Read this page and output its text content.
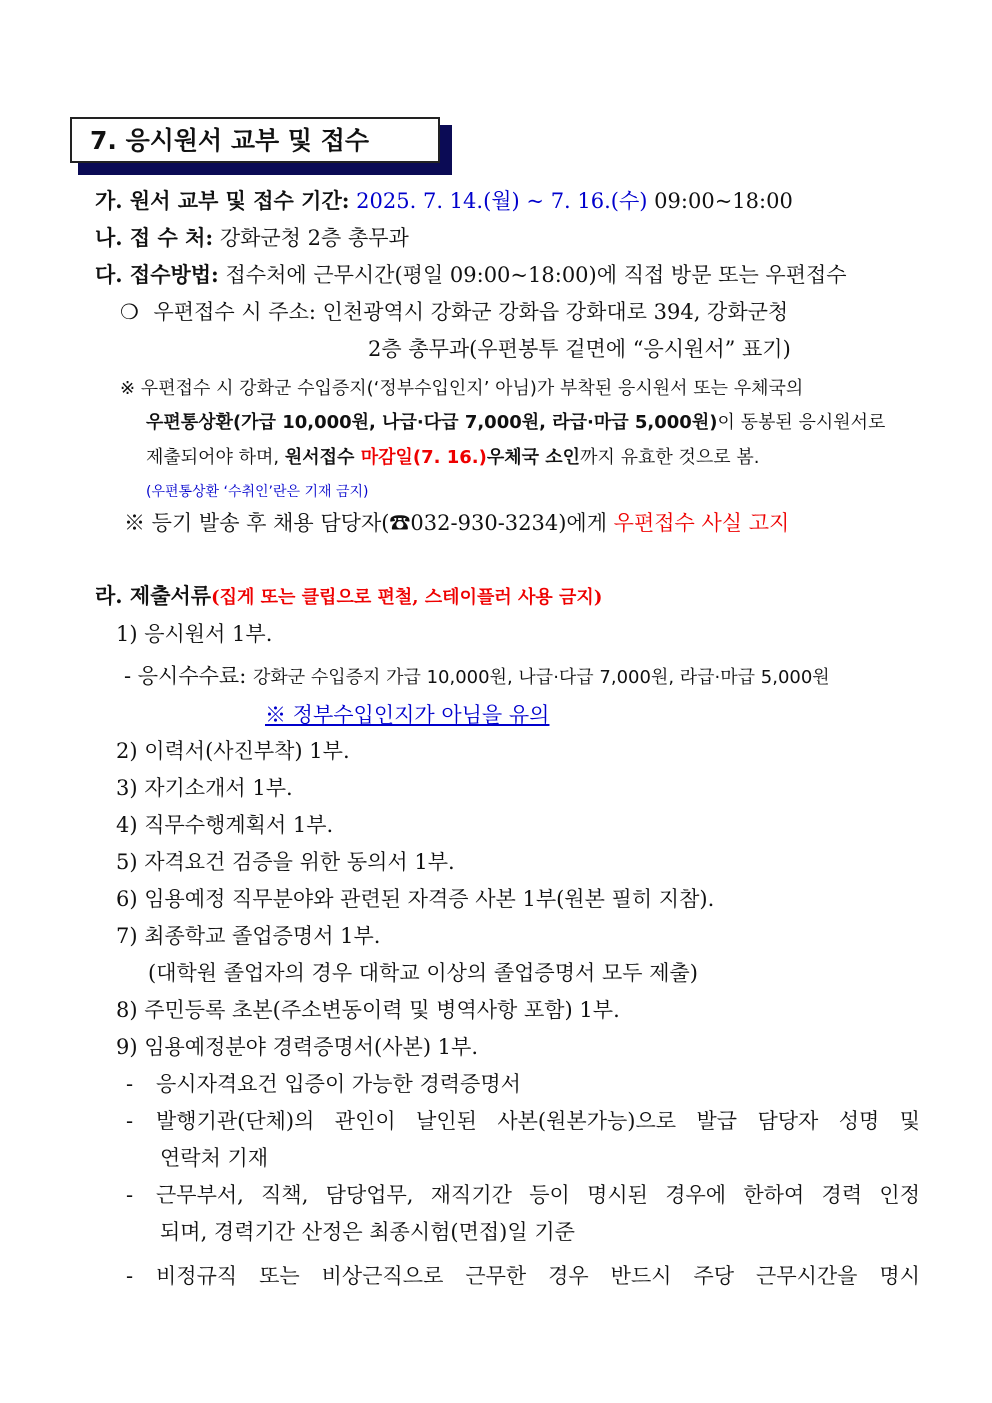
7. 응시원서 교부 및 접수
가. 원서 교부 및 접수 기간: 2025. 7. 14.(월) ~ 7. 16.(수) 09:00~18:00
나. 접 수 처: 강화군청 2층 총무과
다. 접수방법: 접수처에 근무시간(평일 09:00~18:00)에 직접 방문 또는 우편접수
❍ 우편접수 시 주소: 인천광역시 강화군 강화읍 강화대로 394, 강화군청
2층 총무과(우편봉투 겉면에 “응시원서” 표기)
※ 우편접수 시 강화군 수입증지(‘정부수입인지’ 아님)가 부착된 응시원서 또는 우체국의
우편통상환(가급 10,000원, 나급·다급 7,000원, 라급·마급 5,000원)이 동봉된 응시원서로
제출되어야 하며, 원서접수 마감일(7. 16.)우체국 소인까지 유효한 것으로 봄.
(우편통상환 ‘수취인’란은 기재 금지)
※ 등기 발송 후 채용 담당자(☎032-930-3234)에게 우편접수 사실 고지
라. 제출서류(집게 또는 클립으로 편철, 스테이플러 사용 금지)
1) 응시원서 1부.
- 응시수수료: 강화군 수입증지 가급 10,000원, 나급·다급 7,000원, 라급·마급 5,000원
※ 정부수입인지가 아님을 유의
2) 이력서(사진부착) 1부.
3) 자기소개서 1부.
4) 직무수행계획서 1부.
5) 자격요건 검증을 위한 동의서 1부.
6) 임용예정 직무분야와 관련된 자격증 사본 1부(원본 필히 지참).
7) 최종학교 졸업증명서 1부.
(대학원 졸업자의 경우 대학교 이상의 졸업증명서 모두 제출)
8) 주민등록 초본(주소변동이력 및 병역사항 포함) 1부.
9) 임용예정분야 경력증명서(사본) 1부.
- 응시자격요건 입증이 가능한 경력증명서
- 발행기관(단체)의 관인이 날인된 사본(원본가능)으로 발급 담당자 성명 및
연락처 기재
- 근무부서, 직책, 담당업무, 재직기간 등이 명시된 경우에 한하여 경력 인정
되며, 경력기간 산정은 최종시험(면접)일 기준
- 비정규직 또는 비상근직으로 근무한 경우 반드시 주당 근무시간을 명시
